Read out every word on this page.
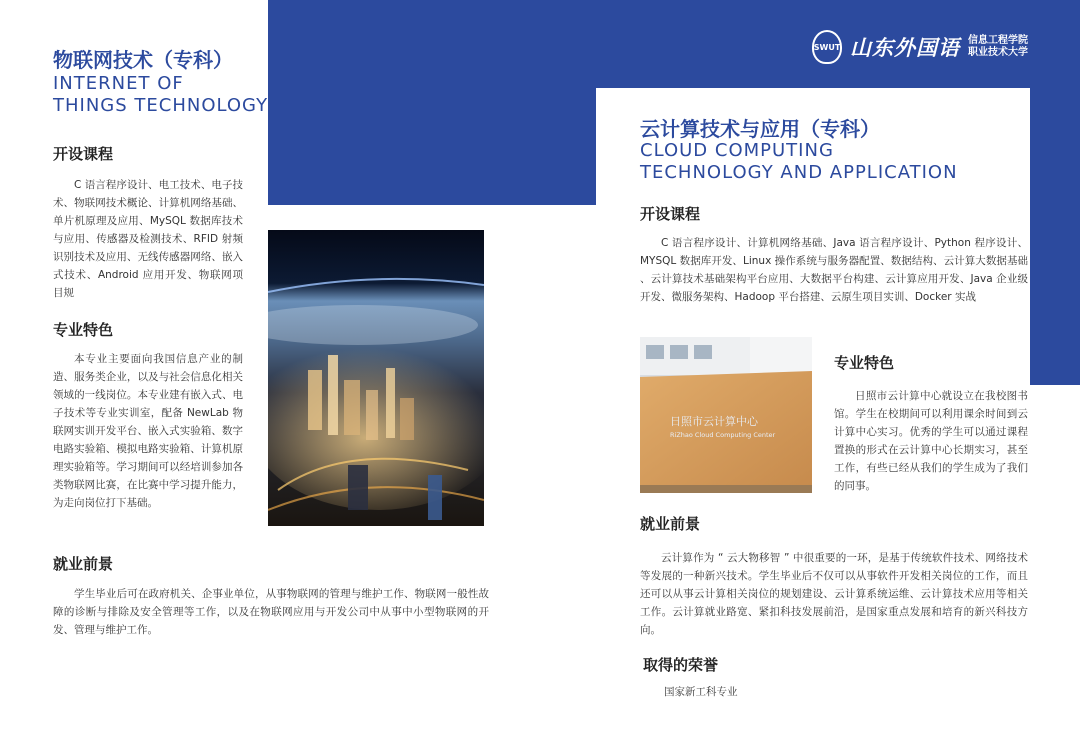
SWUT 山东外国语 信息工程学院
职业技术大学
物联网技术（专科）
INTERNET OF
THINGS TECHNOLOGY
开设课程
C 语言程序设计、电工技术、电子技术、物联网技术概论、计算机网络基础、单片机原理及应用、MySQL 数据库技术与应用、传感器及检测技术、RFID 射频识别技术及应用、无线传感器网络、嵌入式技术、Android 应用开发、物联网项目规
专业特色
本专业主要面向我国信息产业的制造、服务类企业，以及与社会信息化相关领域的一线岗位。本专业建有嵌入式、电子技术等专业实训室，配备 NewLab 物联网实训开发平台、嵌入式实验箱、数字电路实验箱、模拟电路实验箱、计算机原理实验箱等。学习期间可以经培训参加各类物联网比赛，在比赛中学习提升能力，为走向岗位打下基础。
就业前景
学生毕业后可在政府机关、企事业单位，从事物联网的管理与维护工作、物联网一般性故障的诊断与排除及安全管理等工作，以及在物联网应用与开发公司中从事中小型物联网的开发、管理与维护工作。
云计算技术与应用（专科）
CLOUD COMPUTING
TECHNOLOGY AND APPLICATION
开设课程
C 语言程序设计、计算机网络基础、Java 语言程序设计、Python 程序设计、MYSQL 数据库开发、Linux 操作系统与服务器配置、数据结构、云计算大数据基础 、云计算技术基础架构平台应用、大数据平台构建、云计算应用开发、Java 企业级开发、微服务架构、Hadoop 平台搭建、云原生项目实训、Docker 实战
日照市云计算中心
RiZhao Cloud Computing Center
专业特色
日照市云计算中心就设立在我校图书馆。学生在校期间可以利用课余时间到云计算中心实习。优秀的学生可以通过课程置换的形式在云计算中心长期实习，甚至工作，有些已经从我们的学生成为了我们的同事。
就业前景
云计算作为 “ 云大物移智 ” 中很重要的一环，是基于传统软件技术、网络技术等发展的一种新兴技术。学生毕业后不仅可以从事软件开发相关岗位的工作，而且还可以从事云计算相关岗位的规划建设、云计算系统运维、云计算技术应用等相关工作。云计算就业路宽、紧扣科技发展前沿，是国家重点发展和培育的新兴科技方向。
取得的荣誉
国家新工科专业
